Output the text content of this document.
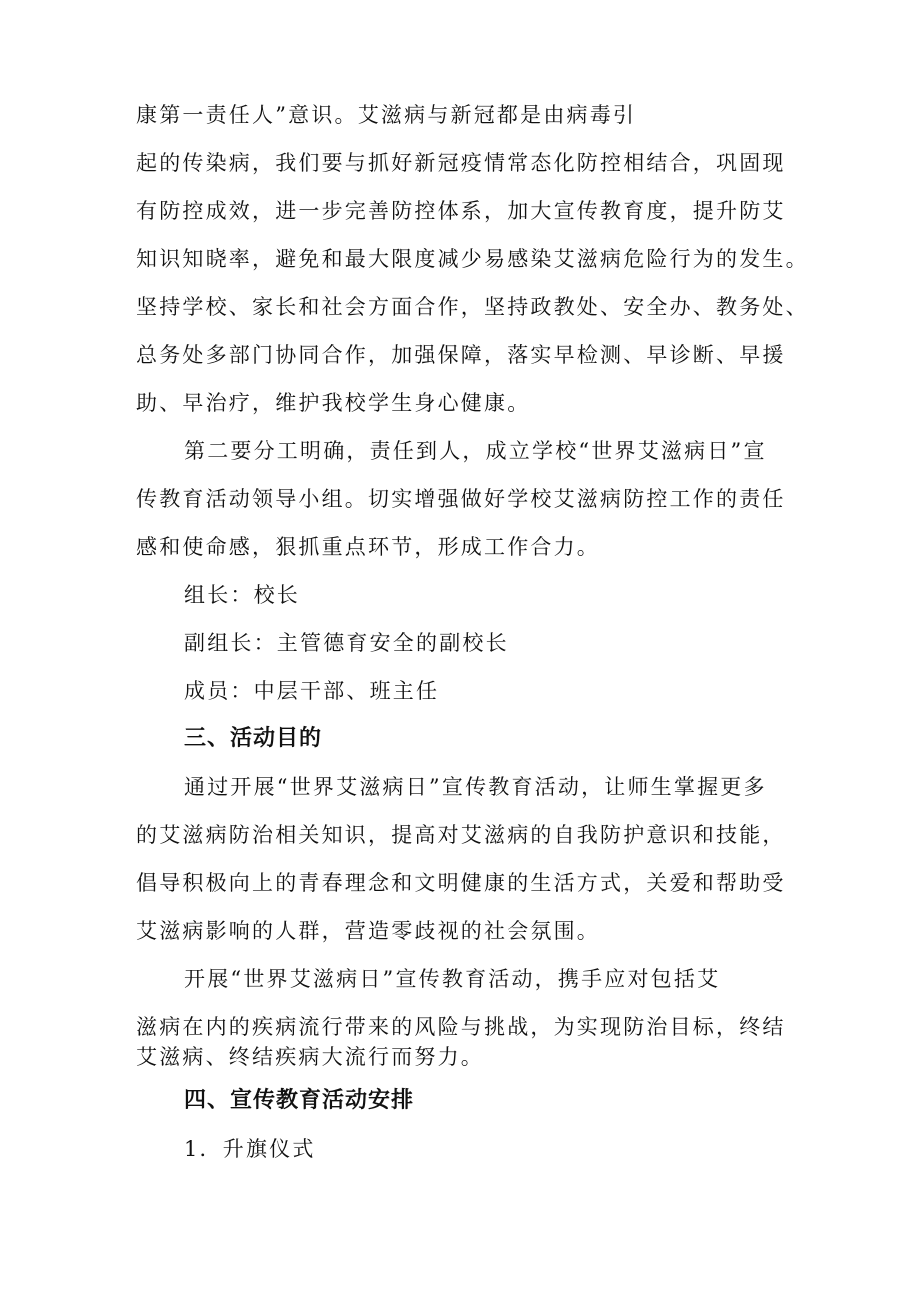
康第一责任人”意识。艾滋病与新冠都是由病毒引
起的传染病，我们要与抓好新冠疫情常态化防控相结合，巩固现
有防控成效，进一步完善防控体系，加大宣传教育度，提升防艾
知识知晓率，避免和最大限度减少易感染艾滋病危险行为的发生。
坚持学校、家长和社会方面合作，坚持政教处、安全办、教务处、
总务处多部门协同合作，加强保障，落实早检测、早诊断、早援
助、早治疗，维护我校学生身心健康。
第二要分工明确，责任到人，成立学校“世界艾滋病日”宣
传教育活动领导小组。切实增强做好学校艾滋病防控工作的责任
感和使命感，狠抓重点环节，形成工作合力。
组长：校长
副组长：主管德育安全的副校长
成员：中层干部、班主任
三、活动目的
通过开展“世界艾滋病日”宣传教育活动，让师生掌握更多
的艾滋病防治相关知识，提高对艾滋病的自我防护意识和技能，
倡导积极向上的青春理念和文明健康的生活方式，关爱和帮助受
艾滋病影响的人群，营造零歧视的社会氛围。
开展“世界艾滋病日”宣传教育活动，携手应对包括艾
滋病在内的疾病流行带来的风险与挑战，为实现防治目标，终结
艾滋病、终结疾病大流行而努力。
四、宣传教育活动安排
1．升旗仪式
